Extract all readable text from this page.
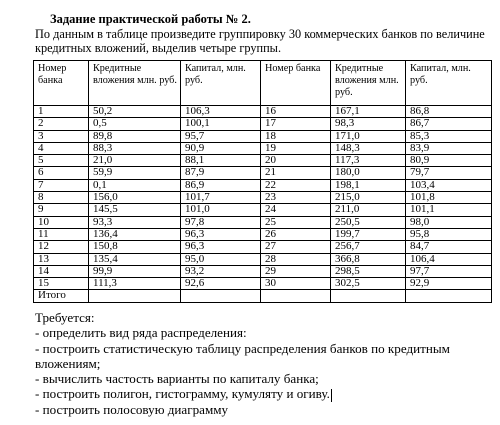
Задание практической работы № 2.
По данным в таблице произведите группировку 30 коммерческих банков по величине кредитных вложений, выделив четыре группы.
Номер банка	Кредитные вложения млн. руб.	Капитал, млн. руб.	Номер банка	Кредитные вложения млн. руб.	Капитал, млн. руб.
1	50,2	106,3	16	167,1	86,8
2	0,5	100,1	17	98,3	86,7
3	89,8	95,7	18	171,0	85,3
4	88,3	90,9	19	148,3	83,9
5	21,0	88,1	20	117,3	80,9
6	59,9	87,9	21	180,0	79,7
7	0,1	86,9	22	198,1	103,4
8	156,0	101,7	23	215,0	101,8
9	145,5	101,0	24	211,0	101,1
10	93,3	97,8	25	250,5	98,0
11	136,4	96,3	26	199,7	95,8
12	150,8	96,3	27	256,7	84,7
13	135,4	95,0	28	366,8	106,4
14	99,9	93,2	29	298,5	97,7
15	111,3	92,6	30	302,5	92,9
Итого					
Требуется:
- определить вид ряда распределения:
- построить статистическую таблицу распределения банков по кредитным
вложениям;
- вычислить частость варианты по капиталу банка;
- построить полигон, гистограмму, кумуляту и огиву.
- построить полосовую диаграмму
